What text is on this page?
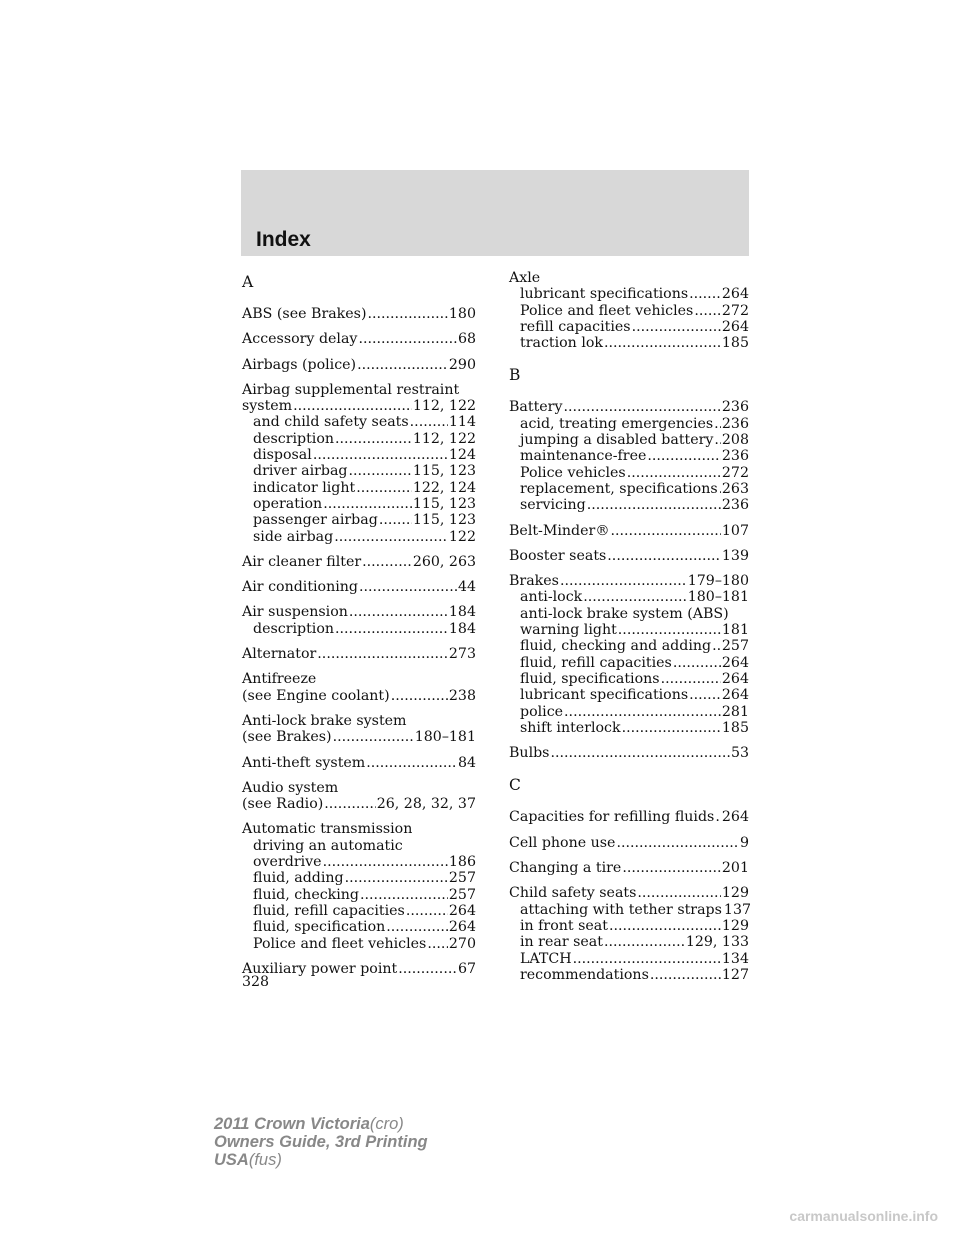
Index
A
ABS (see Brakes) .....	180
Accessory delay .....	68
Airbags (police) .....	290
Airbag supplemental restraint
system .....	112, 122
and child safety seats .....	114
description .....	112, 122
disposal .....	124
driver airbag .....	115, 123
indicator light .....	122, 124
operation .....	115, 123
passenger airbag ..... 115, 123
side airbag .....	122
Air cleaner filter .....	260, 263
Air conditioning .....	44
Air suspension .....	184
description .....	184
Alternator .....	273
Antifreeze
(see Engine coolant) .....	238
Anti-lock brake system
(see Brakes) .....	180–181
Anti-theft system .....	84
Audio system
(see Radio) .....	26, 28, 32, 37
Automatic transmission
driving an automatic
overdrive .....	186
fluid, adding .....	257
fluid, checking .....	257
fluid, refill capacities .....	264
fluid, specification .....	264
Police and fleet vehicles ..... 270
Auxiliary power point .....	67
Axle
lubricant specifications ..... 264
Police and fleet vehicles ..... 272
refill capacities .....	264
traction lok .....	185
B
Battery .....	236
acid, treating emergencies ..... 236
jumping a disabled battery ..... 208
maintenance-free .....	236
Police vehicles .....	272
replacement, specifications ..... 263
servicing .....	236
Belt-Minder® .....	107
Booster seats .....	139
Brakes .....	179–180
anti-lock .....	180–181
anti-lock brake system (ABS)
warning light .....	181
fluid, checking and adding ..... 257
fluid, refill capacities .....	264
fluid, specifications .....	264
lubricant specifications ..... 264
police .....	281
shift interlock .....	185
Bulbs .....	53
C
Capacities for refilling fluids ..... 264
Cell phone use .....	9
Changing a tire .....	201
Child safety seats .....	129
attaching with tether straps 137
in front seat .....	129
in rear seat .....	129, 133
LATCH .....	134
recommendations .....	127
328
2011 Crown Victoria(cro)
Owners Guide, 3rd Printing
USA(fus)
carmanualsonline.info
